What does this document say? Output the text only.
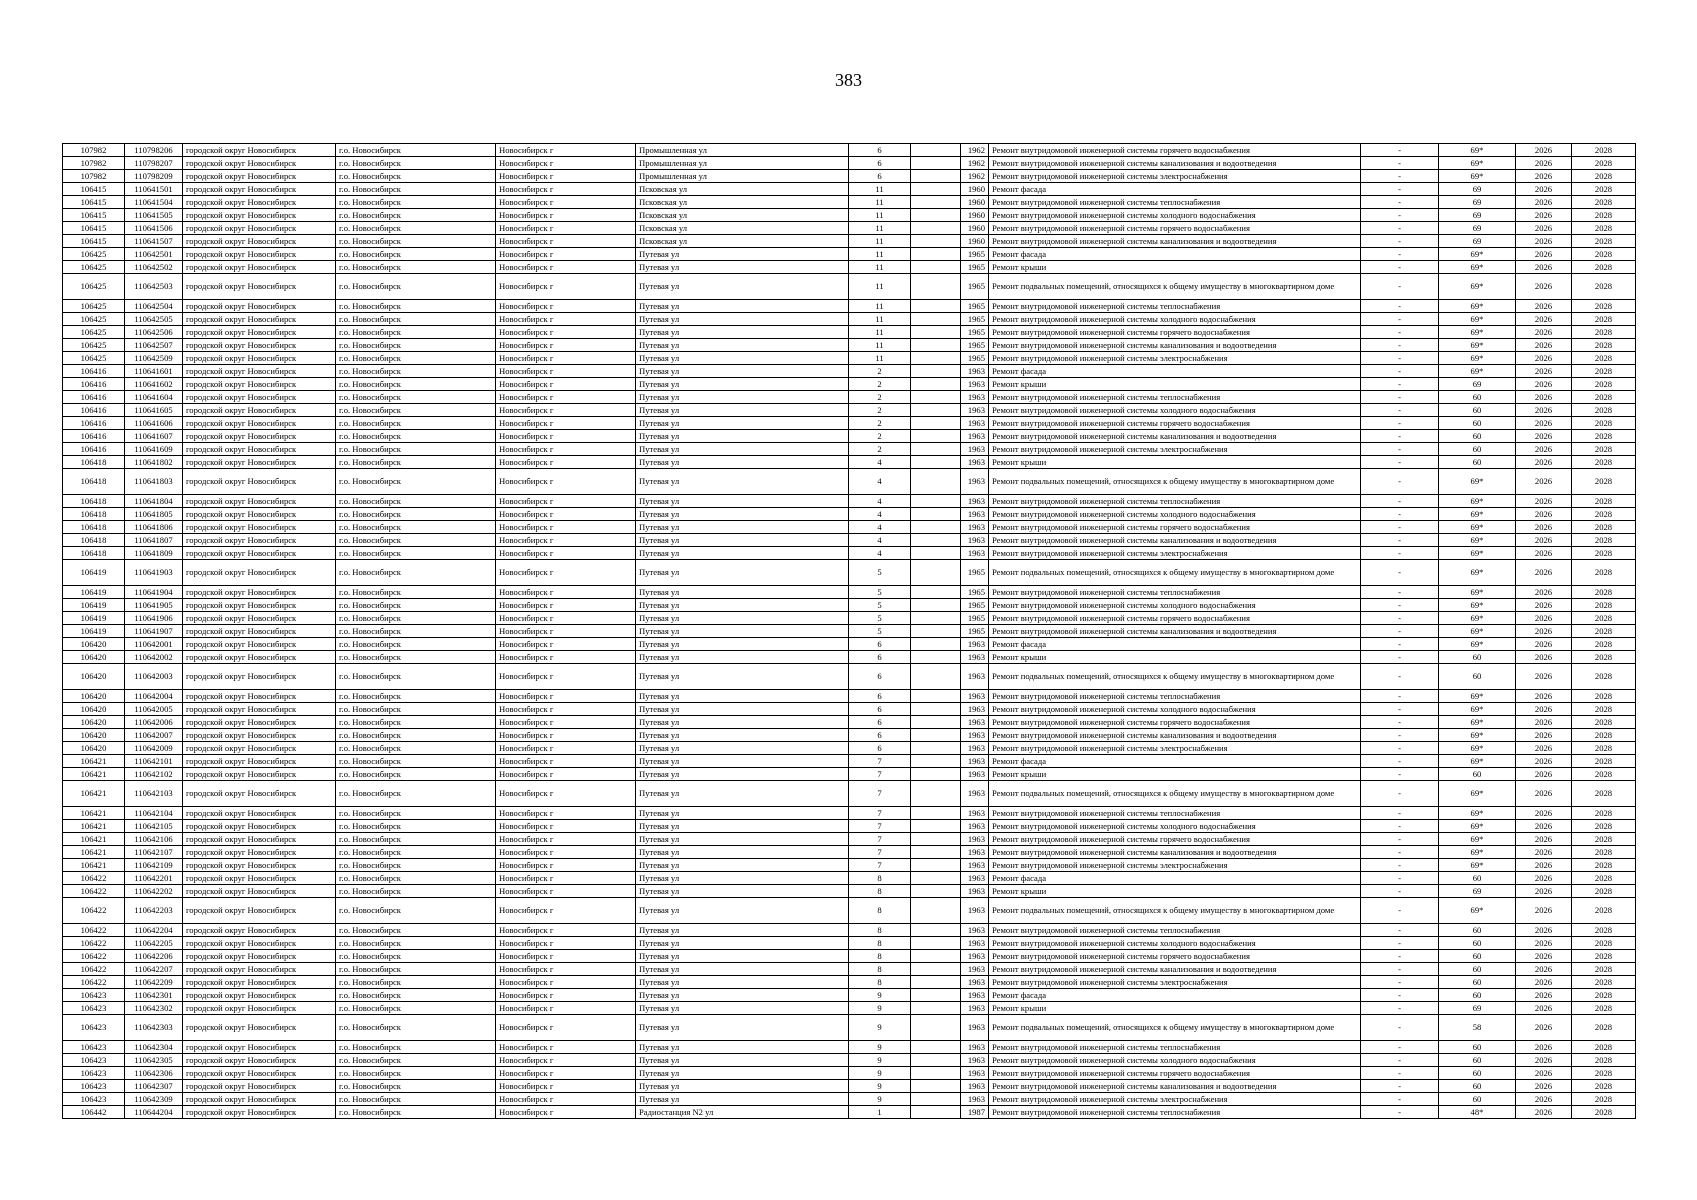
383
107982	110798206	городской округ Новосибирск	г.о. Новосибирск	Новосибирск г	Промышленная ул	6		1962	Ремонт внутридомовой инженерной системы горячего водоснабжения	-	69*	2026	2028
107982	110798207	городской округ Новосибирск	г.о. Новосибирск	Новосибирск г	Промышленная ул	6		1962	Ремонт внутридомовой инженерной системы канализования и водоотведения	-	69*	2026	2028
107982	110798209	городской округ Новосибирск	г.о. Новосибирск	Новосибирск г	Промышленная ул	6		1962	Ремонт внутридомовой инженерной системы электроснабжения	-	69*	2026	2028
106415	110641501	городской округ Новосибирск	г.о. Новосибирск	Новосибирск г	Псковская ул	11		1960	Ремонт фасада	-	69	2026	2028
106415	110641504	городской округ Новосибирск	г.о. Новосибирск	Новосибирск г	Псковская ул	11		1960	Ремонт внутридомовой инженерной системы теплоснабжения	-	69	2026	2028
106415	110641505	городской округ Новосибирск	г.о. Новосибирск	Новосибирск г	Псковская ул	11		1960	Ремонт внутридомовой инженерной системы холодного водоснабжения	-	69	2026	2028
106415	110641506	городской округ Новосибирск	г.о. Новосибирск	Новосибирск г	Псковская ул	11		1960	Ремонт внутридомовой инженерной системы горячего водоснабжения	-	69	2026	2028
106415	110641507	городской округ Новосибирск	г.о. Новосибирск	Новосибирск г	Псковская ул	11		1960	Ремонт внутридомовой инженерной системы канализования и водоотведения	-	69	2026	2028
106425	110642501	городской округ Новосибирск	г.о. Новосибирск	Новосибирск г	Путевая ул	11		1965	Ремонт фасада	-	69*	2026	2028
106425	110642502	городской округ Новосибирск	г.о. Новосибирск	Новосибирск г	Путевая ул	11		1965	Ремонт крыши	-	69*	2026	2028
106425	110642503	городской округ Новосибирск	г.о. Новосибирск	Новосибирск г	Путевая ул	11		1965	Ремонт подвальных помещений, относящихся к общему имуществу в многоквартирном доме	-	69*	2026	2028
106425	110642504	городской округ Новосибирск	г.о. Новосибирск	Новосибирск г	Путевая ул	11		1965	Ремонт внутридомовой инженерной системы теплоснабжения	-	69*	2026	2028
106425	110642505	городской округ Новосибирск	г.о. Новосибирск	Новосибирск г	Путевая ул	11		1965	Ремонт внутридомовой инженерной системы холодного водоснабжения	-	69*	2026	2028
106425	110642506	городской округ Новосибирск	г.о. Новосибирск	Новосибирск г	Путевая ул	11		1965	Ремонт внутридомовой инженерной системы горячего водоснабжения	-	69*	2026	2028
106425	110642507	городской округ Новосибирск	г.о. Новосибирск	Новосибирск г	Путевая ул	11		1965	Ремонт внутридомовой инженерной системы канализования и водоотведения	-	69*	2026	2028
106425	110642509	городской округ Новосибирск	г.о. Новосибирск	Новосибирск г	Путевая ул	11		1965	Ремонт внутридомовой инженерной системы электроснабжения	-	69*	2026	2028
106416	110641601	городской округ Новосибирск	г.о. Новосибирск	Новосибирск г	Путевая ул	2		1963	Ремонт фасада	-	69*	2026	2028
106416	110641602	городской округ Новосибирск	г.о. Новосибирск	Новосибирск г	Путевая ул	2		1963	Ремонт крыши	-	69	2026	2028
106416	110641604	городской округ Новосибирск	г.о. Новосибирск	Новосибирск г	Путевая ул	2		1963	Ремонт внутридомовой инженерной системы теплоснабжения	-	60	2026	2028
106416	110641605	городской округ Новосибирск	г.о. Новосибирск	Новосибирск г	Путевая ул	2		1963	Ремонт внутридомовой инженерной системы холодного водоснабжения	-	60	2026	2028
106416	110641606	городской округ Новосибирск	г.о. Новосибирск	Новосибирск г	Путевая ул	2		1963	Ремонт внутридомовой инженерной системы горячего водоснабжения	-	60	2026	2028
106416	110641607	городской округ Новосибирск	г.о. Новосибирск	Новосибирск г	Путевая ул	2		1963	Ремонт внутридомовой инженерной системы канализования и водоотведения	-	60	2026	2028
106416	110641609	городской округ Новосибирск	г.о. Новосибирск	Новосибирск г	Путевая ул	2		1963	Ремонт внутридомовой инженерной системы электроснабжения	-	60	2026	2028
106418	110641802	городской округ Новосибирск	г.о. Новосибирск	Новосибирск г	Путевая ул	4		1963	Ремонт крыши	-	60	2026	2028
106418	110641803	городской округ Новосибирск	г.о. Новосибирск	Новосибирск г	Путевая ул	4		1963	Ремонт подвальных помещений, относящихся к общему имуществу в многоквартирном доме	-	69*	2026	2028
106418	110641804	городской округ Новосибирск	г.о. Новосибирск	Новосибирск г	Путевая ул	4		1963	Ремонт внутридомовой инженерной системы теплоснабжения	-	69*	2026	2028
106418	110641805	городской округ Новосибирск	г.о. Новосибирск	Новосибирск г	Путевая ул	4		1963	Ремонт внутридомовой инженерной системы холодного водоснабжения	-	69*	2026	2028
106418	110641806	городской округ Новосибирск	г.о. Новосибирск	Новосибирск г	Путевая ул	4		1963	Ремонт внутридомовой инженерной системы горячего водоснабжения	-	69*	2026	2028
106418	110641807	городской округ Новосибирск	г.о. Новосибирск	Новосибирск г	Путевая ул	4		1963	Ремонт внутридомовой инженерной системы канализования и водоотведения	-	69*	2026	2028
106418	110641809	городской округ Новосибирск	г.о. Новосибирск	Новосибирск г	Путевая ул	4		1963	Ремонт внутридомовой инженерной системы электроснабжения	-	69*	2026	2028
106419	110641903	городской округ Новосибирск	г.о. Новосибирск	Новосибирск г	Путевая ул	5		1965	Ремонт подвальных помещений, относящихся к общему имуществу в многоквартирном доме	-	69*	2026	2028
106419	110641904	городской округ Новосибирск	г.о. Новосибирск	Новосибирск г	Путевая ул	5		1965	Ремонт внутридомовой инженерной системы теплоснабжения	-	69*	2026	2028
106419	110641905	городской округ Новосибирск	г.о. Новосибирск	Новосибирск г	Путевая ул	5		1965	Ремонт внутридомовой инженерной системы холодного водоснабжения	-	69*	2026	2028
106419	110641906	городской округ Новосибирск	г.о. Новосибирск	Новосибирск г	Путевая ул	5		1965	Ремонт внутридомовой инженерной системы горячего водоснабжения	-	69*	2026	2028
106419	110641907	городской округ Новосибирск	г.о. Новосибирск	Новосибирск г	Путевая ул	5		1965	Ремонт внутридомовой инженерной системы канализования и водоотведения	-	69*	2026	2028
106420	110642001	городской округ Новосибирск	г.о. Новосибирск	Новосибирск г	Путевая ул	6		1963	Ремонт фасада	-	69*	2026	2028
106420	110642002	городской округ Новосибирск	г.о. Новосибирск	Новосибирск г	Путевая ул	6		1963	Ремонт крыши	-	60	2026	2028
106420	110642003	городской округ Новосибирск	г.о. Новосибирск	Новосибирск г	Путевая ул	6		1963	Ремонт подвальных помещений, относящихся к общему имуществу в многоквартирном доме	-	60	2026	2028
106420	110642004	городской округ Новосибирск	г.о. Новосибирск	Новосибирск г	Путевая ул	6		1963	Ремонт внутридомовой инженерной системы теплоснабжения	-	69*	2026	2028
106420	110642005	городской округ Новосибирск	г.о. Новосибирск	Новосибирск г	Путевая ул	6		1963	Ремонт внутридомовой инженерной системы холодного водоснабжения	-	69*	2026	2028
106420	110642006	городской округ Новосибирск	г.о. Новосибирск	Новосибирск г	Путевая ул	6		1963	Ремонт внутридомовой инженерной системы горячего водоснабжения	-	69*	2026	2028
106420	110642007	городской округ Новосибирск	г.о. Новосибирск	Новосибирск г	Путевая ул	6		1963	Ремонт внутридомовой инженерной системы канализования и водоотведения	-	69*	2026	2028
106420	110642009	городской округ Новосибирск	г.о. Новосибирск	Новосибирск г	Путевая ул	6		1963	Ремонт внутридомовой инженерной системы электроснабжения	-	69*	2026	2028
106421	110642101	городской округ Новосибирск	г.о. Новосибирск	Новосибирск г	Путевая ул	7		1963	Ремонт фасада	-	69*	2026	2028
106421	110642102	городской округ Новосибирск	г.о. Новосибирск	Новосибирск г	Путевая ул	7		1963	Ремонт крыши	-	60	2026	2028
106421	110642103	городской округ Новосибирск	г.о. Новосибирск	Новосибирск г	Путевая ул	7		1963	Ремонт подвальных помещений, относящихся к общему имуществу в многоквартирном доме	-	69*	2026	2028
106421	110642104	городской округ Новосибирск	г.о. Новосибирск	Новосибирск г	Путевая ул	7		1963	Ремонт внутридомовой инженерной системы теплоснабжения	-	69*	2026	2028
106421	110642105	городской округ Новосибирск	г.о. Новосибирск	Новосибирск г	Путевая ул	7		1963	Ремонт внутридомовой инженерной системы холодного водоснабжения	-	69*	2026	2028
106421	110642106	городской округ Новосибирск	г.о. Новосибирск	Новосибирск г	Путевая ул	7		1963	Ремонт внутридомовой инженерной системы горячего водоснабжения	-	69*	2026	2028
106421	110642107	городской округ Новосибирск	г.о. Новосибирск	Новосибирск г	Путевая ул	7		1963	Ремонт внутридомовой инженерной системы канализования и водоотведения	-	69*	2026	2028
106421	110642109	городской округ Новосибирск	г.о. Новосибирск	Новосибирск г	Путевая ул	7		1963	Ремонт внутридомовой инженерной системы электроснабжения	-	69*	2026	2028
106422	110642201	городской округ Новосибирск	г.о. Новосибирск	Новосибирск г	Путевая ул	8		1963	Ремонт фасада	-	60	2026	2028
106422	110642202	городской округ Новосибирск	г.о. Новосибирск	Новосибирск г	Путевая ул	8		1963	Ремонт крыши	-	69	2026	2028
106422	110642203	городской округ Новосибирск	г.о. Новосибирск	Новосибирск г	Путевая ул	8		1963	Ремонт подвальных помещений, относящихся к общему имуществу в многоквартирном доме	-	69*	2026	2028
106422	110642204	городской округ Новосибирск	г.о. Новосибирск	Новосибирск г	Путевая ул	8		1963	Ремонт внутридомовой инженерной системы теплоснабжения	-	60	2026	2028
106422	110642205	городской округ Новосибирск	г.о. Новосибирск	Новосибирск г	Путевая ул	8		1963	Ремонт внутридомовой инженерной системы холодного водоснабжения	-	60	2026	2028
106422	110642206	городской округ Новосибирск	г.о. Новосибирск	Новосибирск г	Путевая ул	8		1963	Ремонт внутридомовой инженерной системы горячего водоснабжения	-	60	2026	2028
106422	110642207	городской округ Новосибирск	г.о. Новосибирск	Новосибирск г	Путевая ул	8		1963	Ремонт внутридомовой инженерной системы канализования и водоотведения	-	60	2026	2028
106422	110642209	городской округ Новосибирск	г.о. Новосибирск	Новосибирск г	Путевая ул	8		1963	Ремонт внутридомовой инженерной системы электроснабжения	-	60	2026	2028
106423	110642301	городской округ Новосибирск	г.о. Новосибирск	Новосибирск г	Путевая ул	9		1963	Ремонт фасада	-	60	2026	2028
106423	110642302	городской округ Новосибирск	г.о. Новосибирск	Новосибирск г	Путевая ул	9		1963	Ремонт крыши	-	69	2026	2028
106423	110642303	городской округ Новосибирск	г.о. Новосибирск	Новосибирск г	Путевая ул	9		1963	Ремонт подвальных помещений, относящихся к общему имуществу в многоквартирном доме	-	58	2026	2028
106423	110642304	городской округ Новосибирск	г.о. Новосибирск	Новосибирск г	Путевая ул	9		1963	Ремонт внутридомовой инженерной системы теплоснабжения	-	60	2026	2028
106423	110642305	городской округ Новосибирск	г.о. Новосибирск	Новосибирск г	Путевая ул	9		1963	Ремонт внутридомовой инженерной системы холодного водоснабжения	-	60	2026	2028
106423	110642306	городской округ Новосибирск	г.о. Новосибирск	Новосибирск г	Путевая ул	9		1963	Ремонт внутридомовой инженерной системы горячего водоснабжения	-	60	2026	2028
106423	110642307	городской округ Новосибирск	г.о. Новосибирск	Новосибирск г	Путевая ул	9		1963	Ремонт внутридомовой инженерной системы канализования и водоотведения	-	60	2026	2028
106423	110642309	городской округ Новосибирск	г.о. Новосибирск	Новосибирск г	Путевая ул	9		1963	Ремонт внутридомовой инженерной системы электроснабжения	-	60	2026	2028
106442	110644204	городской округ Новосибирск	г.о. Новосибирск	Новосибирск г	Радиостанция N2 ул	1		1987	Ремонт внутридомовой инженерной системы теплоснабжения	-	48*	2026	2028
